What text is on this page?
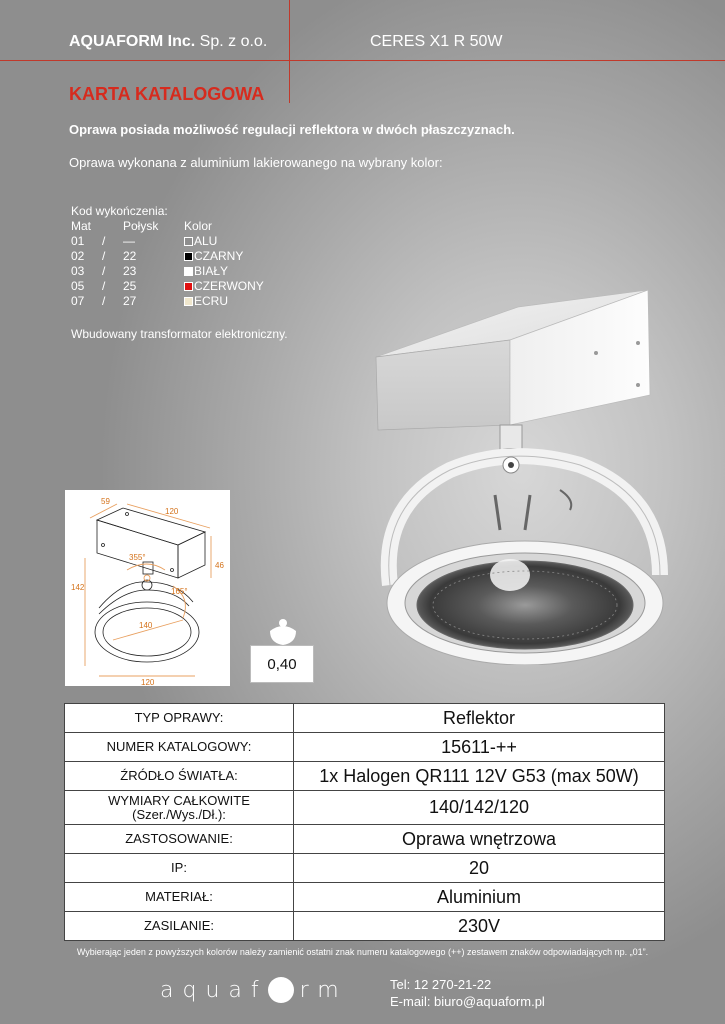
AQUAFORM Inc. Sp. z o.o.	CERES X1 R 50W
KARTA KATALOGOWA
Oprawa posiada możliwość regulacji reflektora w dwóch płaszczyznach.
Oprawa wykonana z aluminium lakierowanego na wybrany kolor:
Kod wykończenia:
Mat	Połysk	Kolor
01	/	—	ALU
02	/	22	CZARNY
03	/	23	BIAŁY
05	/	25	CZERWONY
07	/	27	ECRU
Wbudowany transformator elektroniczny.
59
120
355°
46
142	165°
140
120
0,40
TYP OPRAWY:	Reflektor
NUMER KATALOGOWY:	15611-++
ŹRÓDŁO ŚWIATŁA:	1x Halogen QR111 12V G53 (max 50W)
WYMIARY CAŁKOWITE
(Szer./Wys./Dł.):	140/142/120
ZASTOSOWANIE:	Oprawa wnętrzowa
IP:	20
MATERIAŁ:	Aluminium
ZASILANIE:	230V
Wybierając jeden z powyższych kolorów należy zamienić ostatni znak numeru katalogowego (++) zestawem znaków odpowiadających np. „01”.
aquaf rm	Tel: 12 270-21-22
E-mail: biuro@aquaform.pl
